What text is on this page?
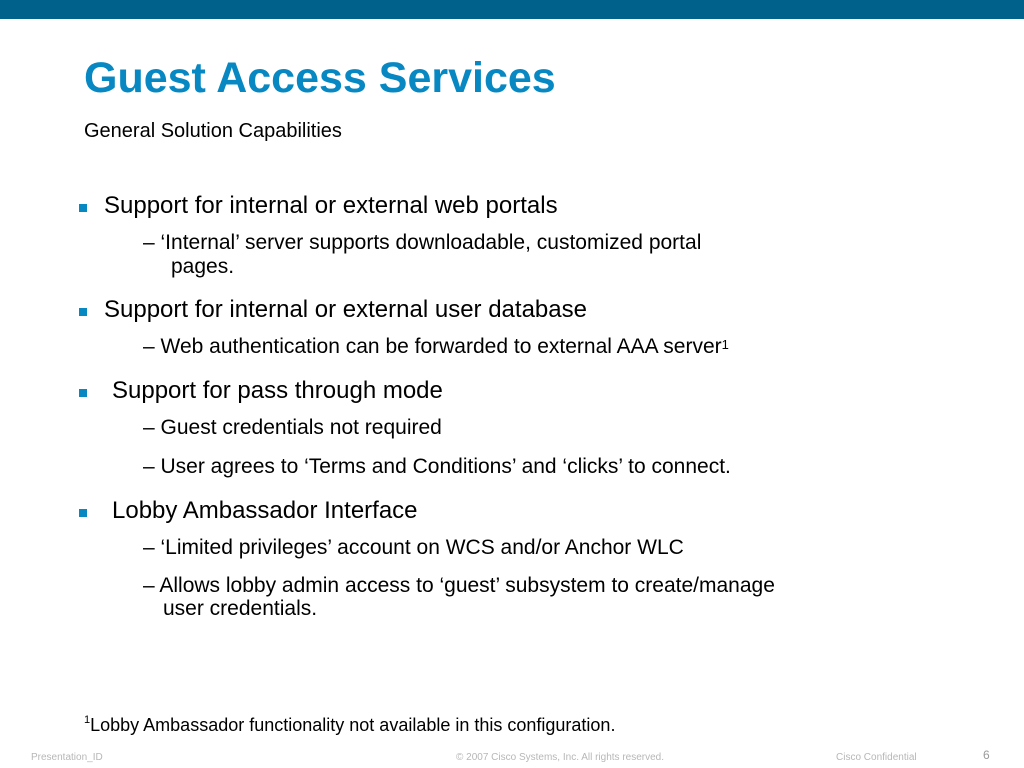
Guest Access Services
General Solution Capabilities
Support for internal or external web portals
– ‘Internal’ server supports downloadable, customized portal
pages.
Support for internal or external user database
– Web authentication can be forwarded to external AAA server$^1$
Support for pass through mode
– Guest credentials not required
– User agrees to ‘Terms and Conditions’ and ‘clicks’ to connect.
Lobby Ambassador Interface
– ‘Limited privileges’ account on WCS and/or Anchor WLC
– Allows lobby admin access to ‘guest’ subsystem to create/manage
user credentials.
$^1$Lobby Ambassador functionality not available in this configuration.
Presentation_ID	© 2007 Cisco Systems, Inc. All rights reserved.	Cisco Confidential	6
